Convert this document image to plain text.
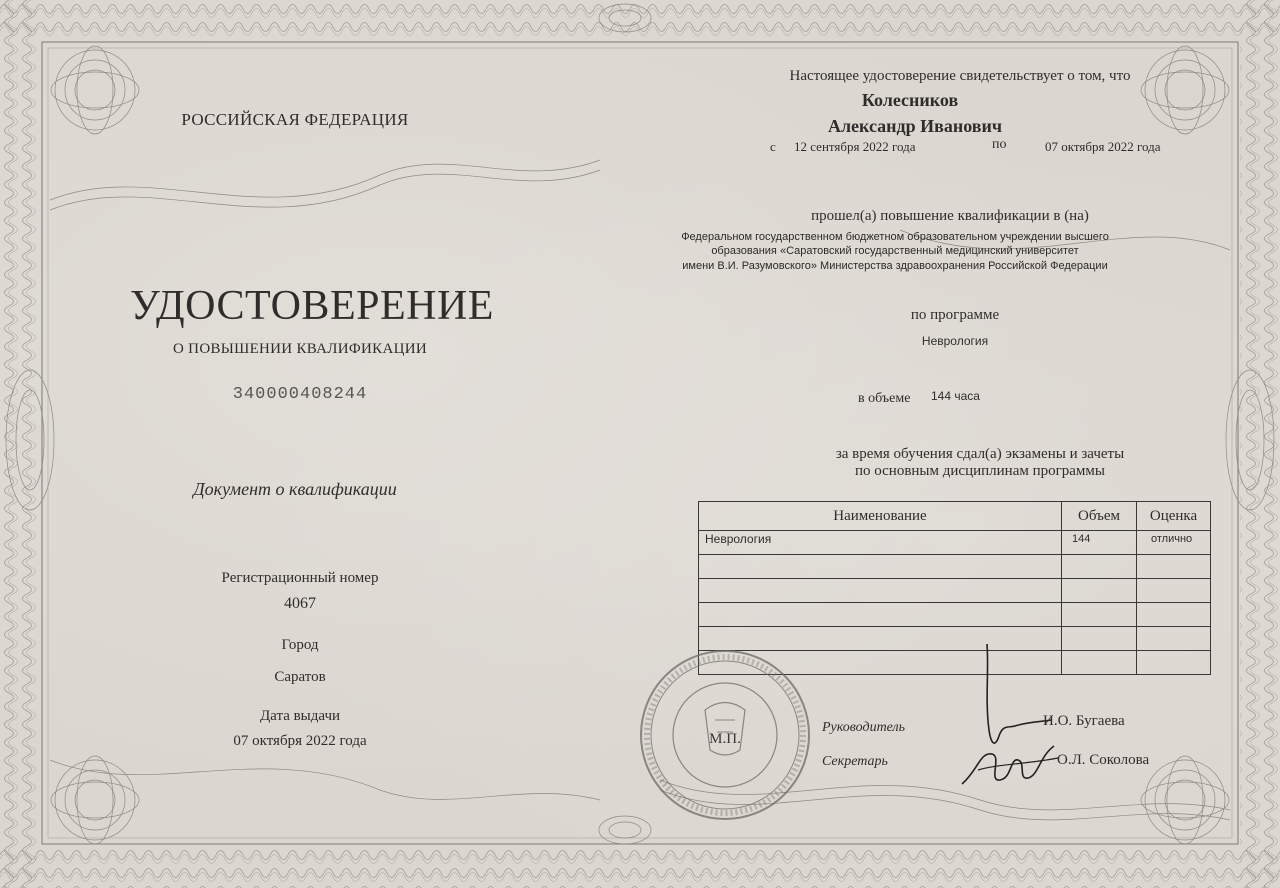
РОССИЙСКАЯ ФЕДЕРАЦИЯ
УДОСТОВЕРЕНИЕ
О ПОВЫШЕНИИ КВАЛИФИКАЦИИ
340000408244
Документ о квалификации
Регистрационный номер
4067
Город
Саратов
Дата выдачи
07 октября 2022 года
Настоящее удостоверение свидетельствует о том, что
Колесников
Александр Иванович
с 12 сентября 2022 года	по	07 октября 2022 года
прошел(а) повышение квалификации в (на)
Федеральном государственном бюджетном образовательном учреждении высшего
образования «Саратовский государственный медицинский университет
имени В.И. Разумовского» Министерства здравоохранения Российской Федерации
по программе
Неврология
в объеме 144 часа
за время обучения сдал(а) экзамены и зачеты
по основным дисциплинам программы
Наименование	Объем	Оценка
Неврология	144	отлично

М.П.
Руководитель
Секретарь
И.О. Бугаева
О.Л. Соколова
